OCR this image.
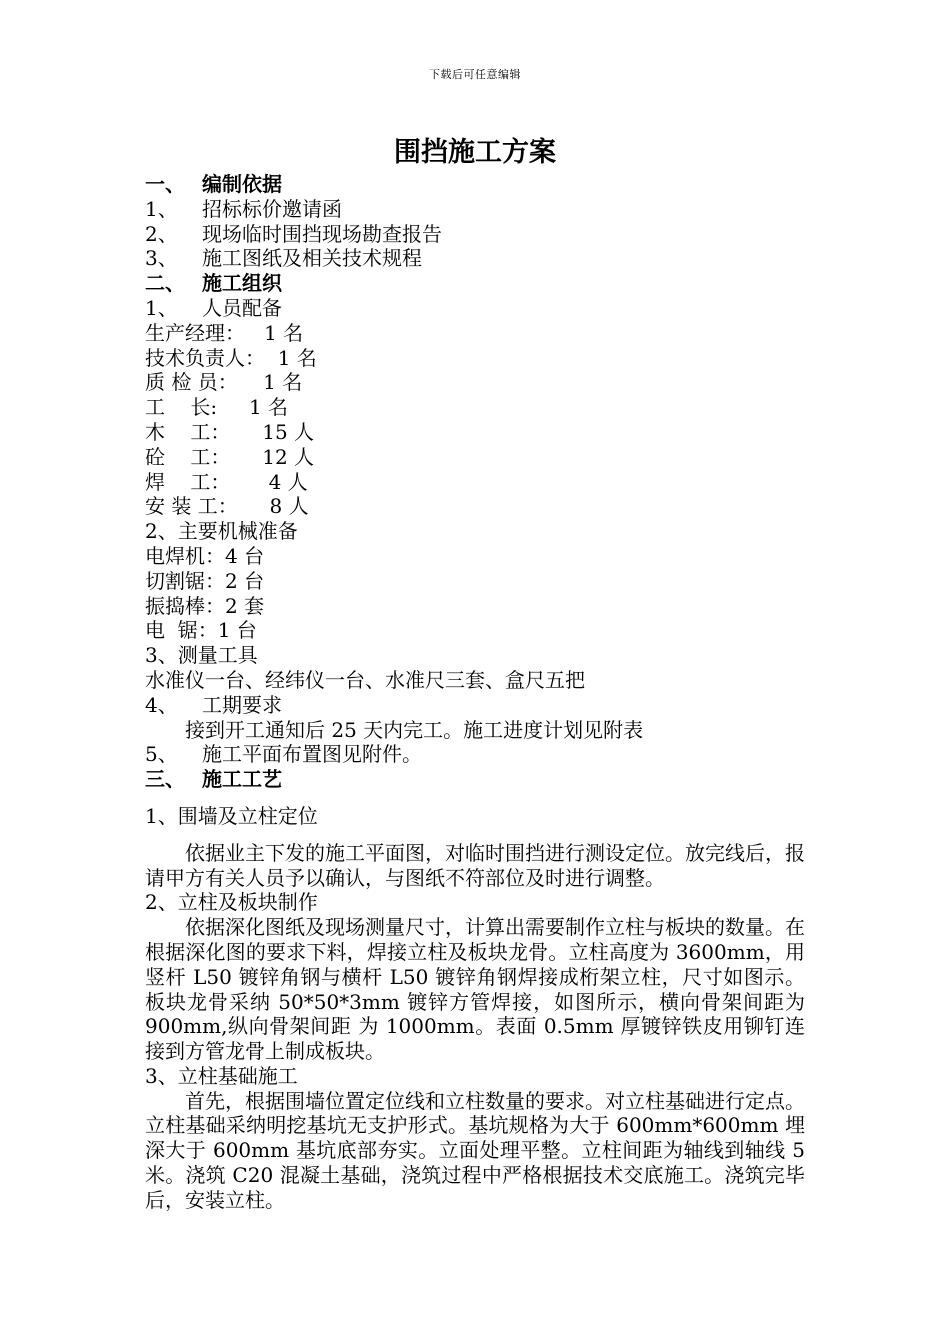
下载后可任意编辑
围挡施工方案
一、 编制依据
1、 招标标价邀请函
2、 现场临时围挡现场勘查报告
3、 施工图纸及相关技术规程
二、 施工组织
1、 人员配备
生产经理：   1 名
技术负责人：  1 名
质 检 员：    1 名
工    长:     1 名
木    工：     15 人
砼    工：     12 人
焊    工：      4 人
安 装 工：     8 人
2、主要机械准备
电焊机：4 台
切割锯：2 台
振捣棒：2 套
电  锯：1 台
3、测量工具
水准仪一台、经纬仪一台、水准尺三套、盒尺五把
4、 工期要求
接到开工通知后 25 天内完工。施工进度计划见附表
5、 施工平面布置图见附件。
三、 施工工艺
1、围墙及立柱定位
依据业主下发的施工平面图，对临时围挡进行测设定位。放完线后，报请甲方有关人员予以确认，与图纸不符部位及时进行调整。
2、立柱及板块制作
依据深化图纸及现场测量尺寸，计算出需要制作立柱与板块的数量。在根据深化图的要求下料，焊接立柱及板块龙骨。立柱高度为 3600mm，用竖杆 L50 镀锌角钢与横杆 L50 镀锌角钢焊接成桁架立柱，尺寸如图示。板块龙骨采纳 50*50*3mm 镀锌方管焊接，如图所示，横向骨架间距为 900mm,纵向骨架间距 为 1000mm。表面 0.5mm 厚镀锌铁皮用铆钉连接到方管龙骨上制成板块。
3、立柱基础施工
首先，根据围墙位置定位线和立柱数量的要求。对立柱基础进行定点。立柱基础采纳明挖基坑无支护形式。基坑规格为大于 600mm*600mm 埋深大于 600mm 基坑底部夯实。立面处理平整。立柱间距为轴线到轴线 5 米。浇筑 C20 混凝土基础，浇筑过程中严格根据技术交底施工。浇筑完毕后，安装立柱。
